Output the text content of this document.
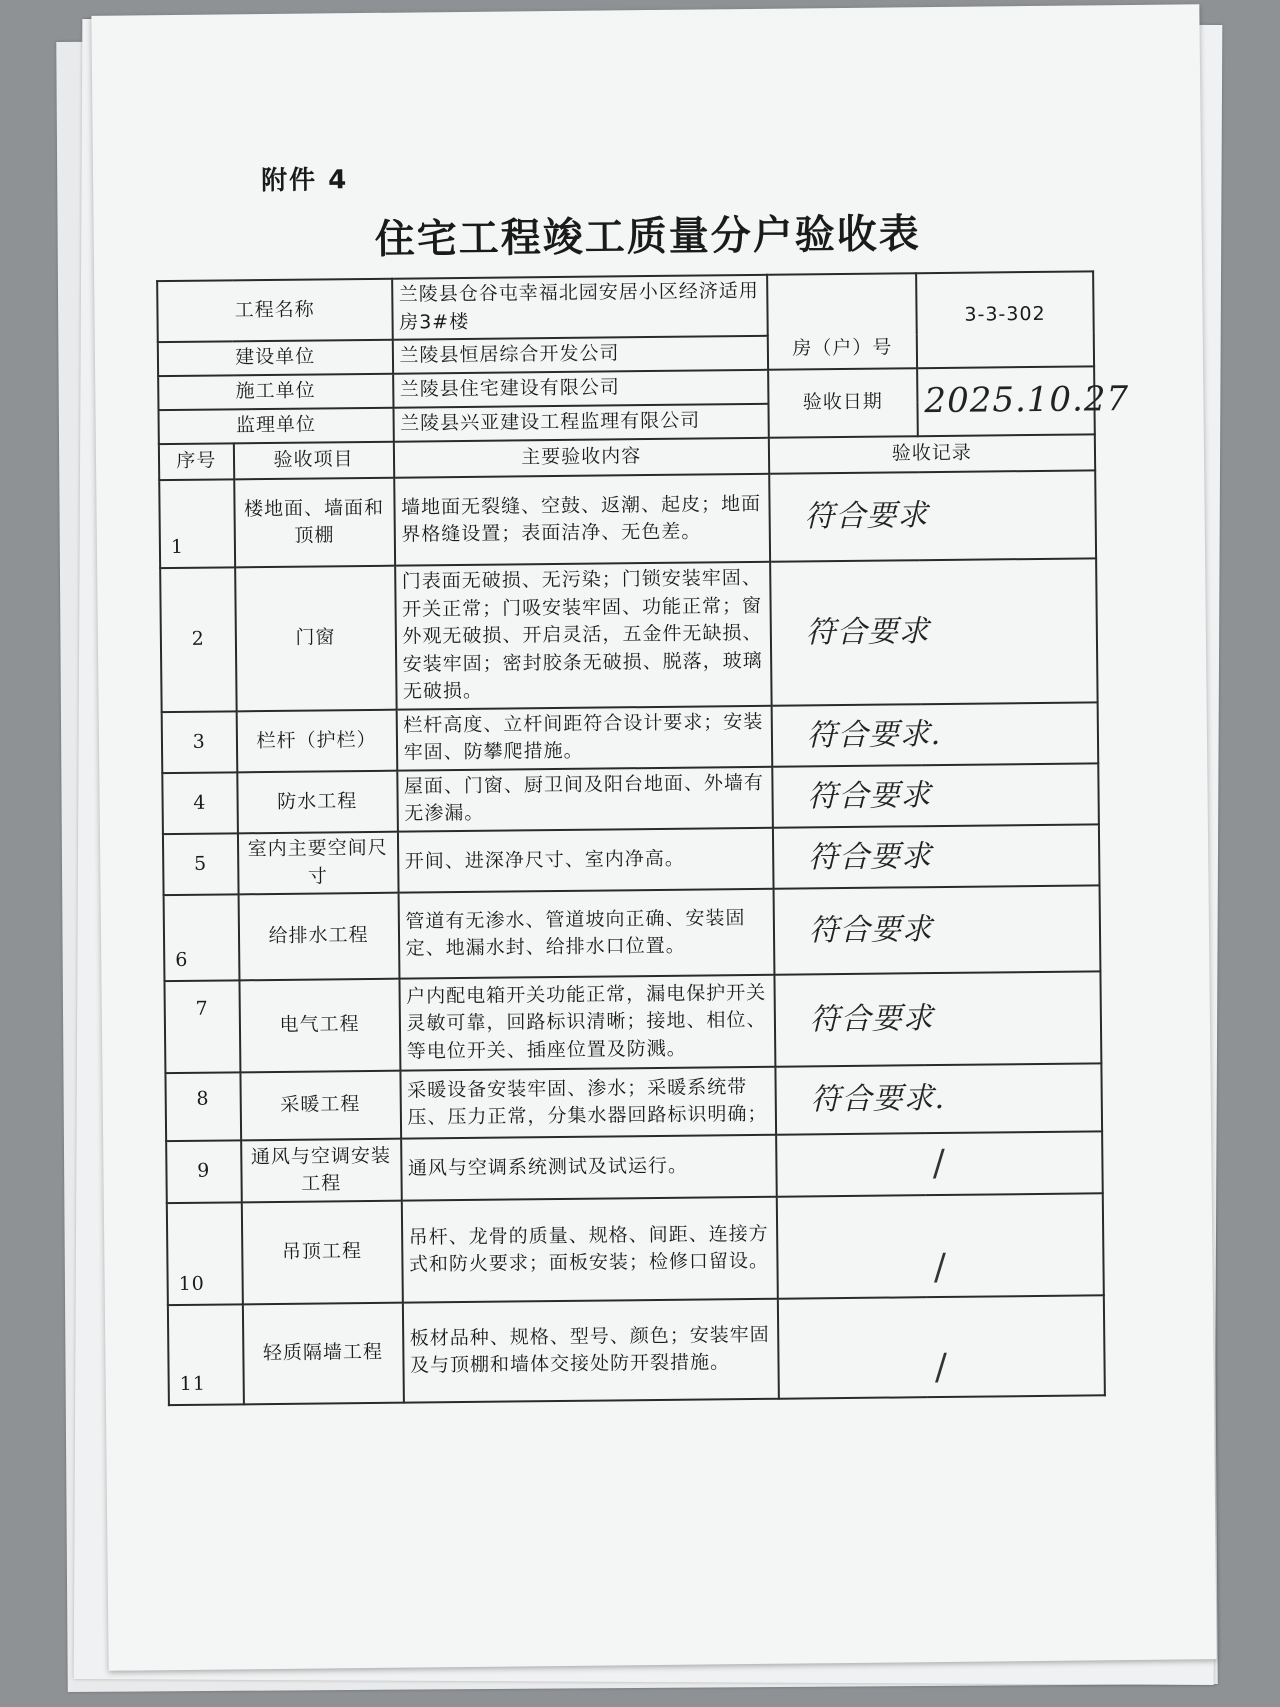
附件 4
住宅工程竣工质量分户验收表
工程名称		兰陵县仓谷屯幸福北园安居小区经济适用房3#楼	房（户）号	3-3-302
建设单位		兰陵县恒居综合开发公司		
施工单位		兰陵县住宅建设有限公司	验收日期	2025.10.27
监理单位		兰陵县兴亚建设工程监理有限公司		
序号	验收项目	主要验收内容	验收记录	
1	楼地面、墙面和顶棚	墙地面无裂缝、空鼓、返潮、起皮；地面界格缝设置；表面洁净、无色差。	符合要求	
2	门窗	门表面无破损、无污染；门锁安装牢固、开关正常；门吸安装牢固、功能正常；窗外观无破损、开启灵活，五金件无缺损、 安装牢固；密封胶条无破损、脱落，玻璃无破损。	符合要求	
3	栏杆（护栏）	栏杆高度、立杆间距符合设计要求；安装牢固、防攀爬措施。	符合要求.	
4	防水工程	屋面、门窗、厨卫间及阳台地面、外墙有无渗漏。	符合要求	
5	室内主要空间尺寸	开间、进深净尺寸、室内净高。	符合要求	
6	给排水工程	管道有无渗水、管道坡向正确、安装固定、地漏水封、给排水口位置。	符合要求	
7	电气工程	户内配电箱开关功能正常，漏电保护开关灵敏可靠，回路标识清晰；接地、相位、等电位开关、插座位置及防溅。	符合要求	
8	采暖工程	采暖设备安装牢固、渗水；采暖系统带压、压力正常，分集水器回路标识明确；	符合要求.	
9	通风与空调安装工程	通风与空调系统测试及试运行。	/	
10	吊顶工程	吊杆、龙骨的质量、规格、间距、连接方式和防火要求；面板安装；检修口留设。	/	
11	轻质隔墙工程	板材品种、规格、型号、颜色；安装牢固及与顶棚和墙体交接处防开裂措施。	/	
